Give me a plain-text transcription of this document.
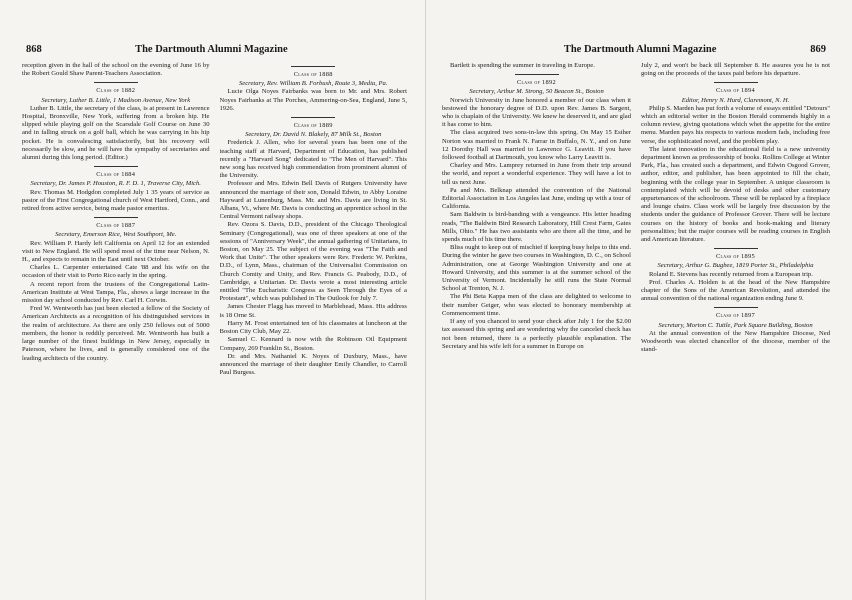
868	The Dartmouth Alumni Magazine

reception given in the hall of the school on the evening of June 16 by the Robert Gould Shaw Parent-Teachers Association.

Class of 1882
Secretary, Luther B. Little, 1 Madison Avenue, New York

Luther B. Little, the secretary of the class, is at present in Lawrence Hospital, Bronxville, New York, suffering from a broken hip. He slipped while playing golf on the Scarsdale Golf Course on June 30 and in falling struck on a golf ball, which he was carrying in his hip pocket. He is convalescing satisfactorily, but his recovery will necessarily be slow, and he will have the sympathy of secretaries and alumni during this long period. (Editor.)

Class of 1884
Secretary, Dr. James P. Houston, R. F. D. 1, Traverse City, Mich.

Rev. Thomas M. Hodgdon completed July 1 35 years of service as pastor of the First Congregational church of West Hartford, Conn., and retired from active service, being made pastor emeritus.

Class of 1887
Secretary, Emerson Rice, West Southport, Me.

Rev. William P. Hardy left California on April 12 for an extended visit to New England. He will spend most of the time near Nelson, N. H., and expects to remain in the East until next October.

Charles L. Carpenter entertained Cate '88 and his wife on the occasion of their visit to Porto Rico early in the spring.

A recent report from the trustees of the Congregational Latin-American Institute at West Tampa, Fla., shows a large increase in the mission day school conducted by Rev. Carl H. Corwin.

Fred W. Wentworth has just been elected a fellow of the Society of American Architects as a recognition of his distinguished services in the realm of architecture. As there are only 250 fellows out of 5000 members, the honor is reddily perceived. Mr. Wentworth has built a large number of the finest buildings in New Jersey, especially in Paterson, where he lives, and is generally considered one of the leading architects of the country.

Class of 1888
Secretary, Rev. William B. Forbush, Route 3, Media, Pa.

Lucie Olga Noyes Fairbanks was born to Mr. and Mrs. Robert Noyes Fairbanks at The Porches, Ammering-on-Sea, England, June 5, 1926.

Class of 1889
Secretary, Dr. David N. Blakely, 87 Milk St., Boston

Frederick J. Allen, who for several years has been one of the teaching staff at Harvard, Department of Education, has published recently a "Harvard Song" dedicated to "The Men of Harvard". This new song has received high commendation from prominent alumni of the University.

Professor and Mrs. Edwin Bell Davis of Rutgers University have announced the marriage of their son, Donald Edwin, to Abby Loraine Hayward at Lunenburg, Mass. Mr. and Mrs. Davis are living in St. Albans, Vt., where Mr. Davis is conducting an apprentice school in the Central Vermont railway shops.

Rev. Ozora S. Davis, D.D., president of the Chicago Theological Seminary (Congregational), was one of three speakers at one of the sessions of "Anniversary Week", the annual gathering of Unitarians, in Boston, on May 25. The subject of the evening was "The Faith and Work that Unite". The other speakers were Rev. Frederic W. Perkins, D.D., of Lynn, Mass., chairman of the Universalist Commission on Church Comity and Unity, and Rev. Francis G. Peabody, D.D., of Cambridge, a Unitarian. Dr. Davis wrote a most interesting article entitled "The Eucharistic Congress as Seen Through the Eyes of a Protestant", which was published in The Outlook for July 7.

James Chester Flagg has moved to Marblehead, Mass. His address is 18 Orne St.

Harry M. Frost entertained ten of his classmates at luncheon at the Boston City Club, May 22.

Samuel C. Kennard is now with the Robinson Oil Equipment Company, 269 Franklin St., Boston.

Dr. and Mrs. Nathaniel K. Noyes of Duxbury, Mass., have announced the marriage of their daughter Emily Chandler, to Carroll Paul Burgess.

The Dartmouth Alumni Magazine	869

Bartlett is spending the summer in traveling in Europe.

Class of 1892
Secretary, Arthur M. Strong, 50 Beacon St., Boston

Norwich University in June honored a member of our class when it bestowed the honorary degree of D.D. upon Rev. James B. Sargent, who is chaplain of the University. We knew he deserved it, and are glad it has come to him.

The class acquired two sons-in-law this spring. On May 15 Esther Norton was married to Frank N. Farrar in Buffalo, N. Y., and on June 12 Dorothy Hall was married to Lawrence G. Leavitt. If you have followed football at Dartmouth, you know who Larry Leavitt is.

Charley and Mrs. Lamprey returned in June from their trip around the world, and report a wonderful experience. They will have a lot to tell us next June.

Pa and Mrs. Belknap attended the convention of the National Editorial Association in Los Angeles last June, ending up with a tour of California.

Sam Baldwin is bird-banding with a vengeance. His letter heading reads, "The Baldwin Bird Research Laboratory, Hill Crest Farm, Gates Mills, Ohio." He has two assistants who are there all the time, and he spends much of his time there.

Bliss ought to keep out of mischief if keeping busy helps to this end. During the winter he gave two courses in Washington, D. C., on School Administration, one at George Washington University and one at Howard University, and this summer is at the summer school of the University of Vermont. Incidentally he still runs the State Normal School at Trenton, N. J.

The Phi Beta Kappa men of the class are delighted to welcome to their number Geiger, who was elected to honorary membership at Commencement time.

If any of you chanced to send your check after July 1 for the $2.00 tax assessed this spring and are wondering why the canceled check has not been returned, there is a perfectly plausible explanation. The Secretary and his wife left for a summer in Europe on

July 2, and won't be back till September 8. He assures you he is not going on the proceeds of the taxes paid before his departure.

Class of 1894
Editor, Henry N. Hurd, Claremont, N. H.

Philip S. Marden has put forth a volume of essays entitled "Detours" which an editorial writer in the Boston Herald commends highly in a column review, giving quotations which whet the appetite for the entire menu. Marden pays his respects to various modern fads, including free verse, the sophisticated novel, and the problem play.

The latest innovation in the educational field is a new university department known as professorship of books. Rollins College at Winter Park, Fla., has created such a department, and Edwin Osgood Grover, author, editor, and publisher, has been appointed to fill the chair, beginning with the college year in September. A unique classroom is contemplated which will be devoid of desks and other customary appurtenances of the schoolroom. These will be replaced by a fireplace and lounge chairs. Class work will be largely free discussion by the students under the guidance of Professor Grover. There will be lecture courses on the history of books and book-making and literary personalities; but the major courses will be reading courses in English and American literature.

Class of 1895
Secretary, Arthur G. Bugbee, 1819 Porter St., Philadelphia

Roland E. Stevens has recently returned from a European trip.

Prof. Charles A. Holden is at the head of the New Hampshire chapter of the Sons of the American Revolution, and attended the annual convention of the national organization ending June 9.

Class of 1897
Secretary, Morton C. Tuttle, Park Square Building, Boston

At the annual convention of the New Hampshire Diocese, Ned Woodworth was elected chancellor of the diocese, member of the stand-
